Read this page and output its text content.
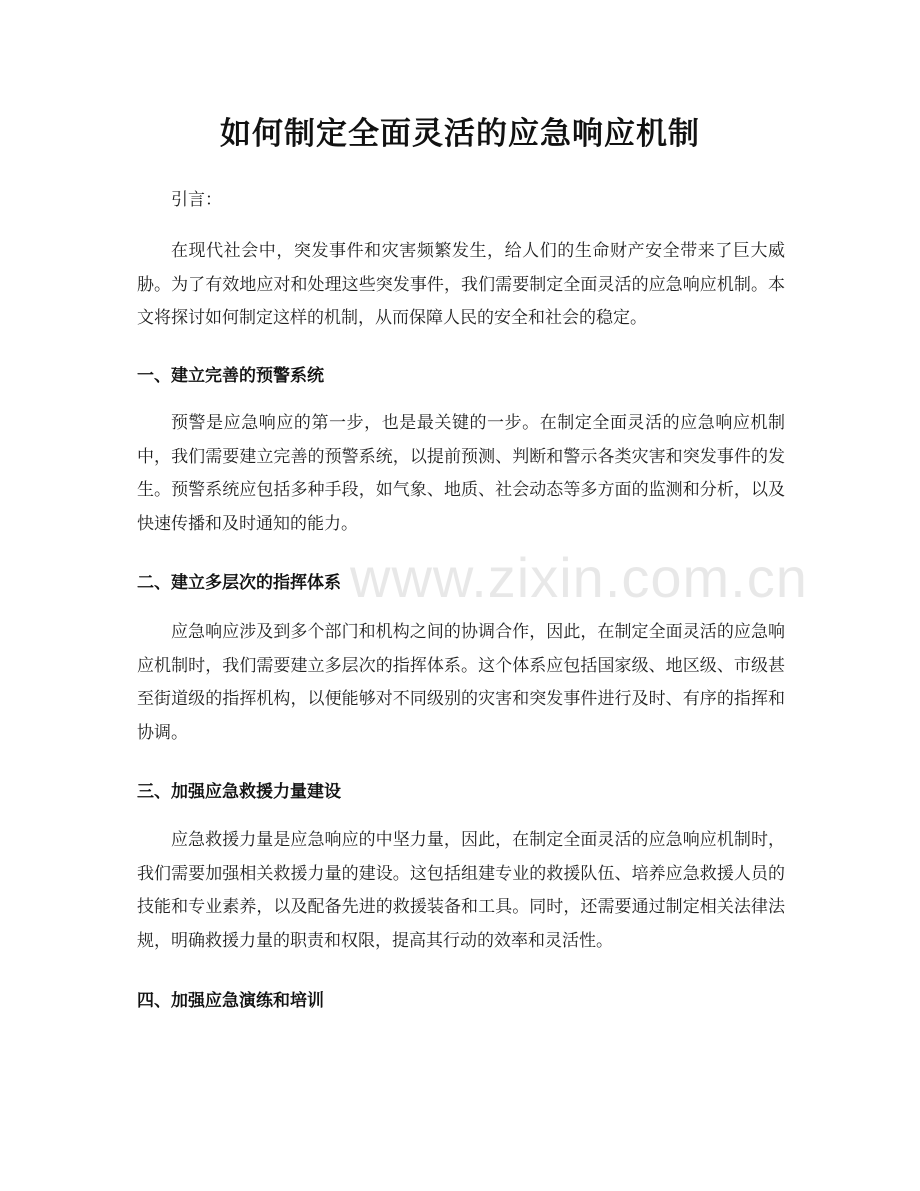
如何制定全面灵活的应急响应机制

引言：

在现代社会中，突发事件和灾害频繁发生，给人们的生命财产安全带来了巨大威胁。为了有效地应对和处理这些突发事件，我们需要制定全面灵活的应急响应机制。本文将探讨如何制定这样的机制，从而保障人民的安全和社会的稳定。

一、建立完善的预警系统

预警是应急响应的第一步，也是最关键的一步。在制定全面灵活的应急响应机制中，我们需要建立完善的预警系统，以提前预测、判断和警示各类灾害和突发事件的发生。预警系统应包括多种手段，如气象、地质、社会动态等多方面的监测和分析，以及快速传播和及时通知的能力。

二、建立多层次的指挥体系

应急响应涉及到多个部门和机构之间的协调合作，因此，在制定全面灵活的应急响应机制时，我们需要建立多层次的指挥体系。这个体系应包括国家级、地区级、市级甚至街道级的指挥机构，以便能够对不同级别的灾害和突发事件进行及时、有序的指挥和协调。

三、加强应急救援力量建设

应急救援力量是应急响应的中坚力量，因此，在制定全面灵活的应急响应机制时，我们需要加强相关救援力量的建设。这包括组建专业的救援队伍、培养应急救援人员的技能和专业素养，以及配备先进的救援装备和工具。同时，还需要通过制定相关法律法规，明确救援力量的职责和权限，提高其行动的效率和灵活性。

四、加强应急演练和培训
www.zixin.com.cn
